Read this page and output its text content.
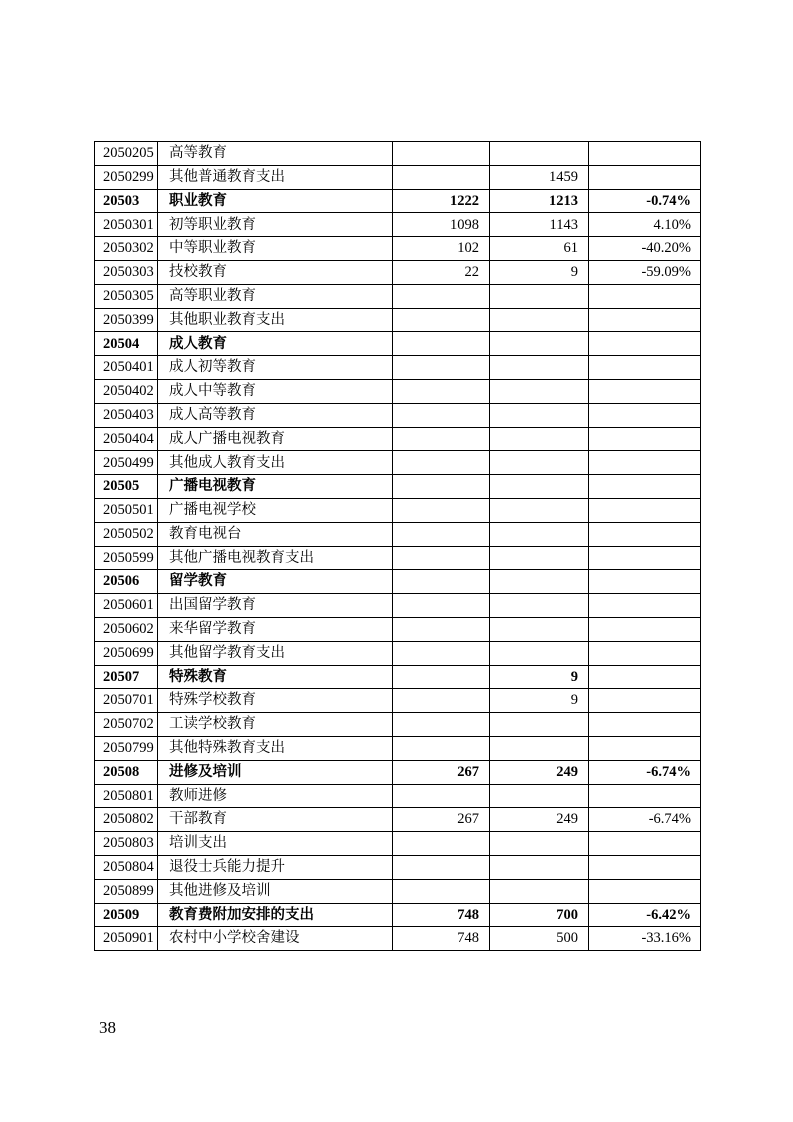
2050205	高等教育			
2050299	其他普通教育支出		1459	
20503	职业教育	1222	1213	-0.74%
2050301	初等职业教育	1098	1143	4.10%
2050302	中等职业教育	102	61	-40.20%
2050303	技校教育	22	9	-59.09%
2050305	高等职业教育			
2050399	其他职业教育支出			
20504	成人教育			
2050401	成人初等教育			
2050402	成人中等教育			
2050403	成人高等教育			
2050404	成人广播电视教育			
2050499	其他成人教育支出			
20505	广播电视教育			
2050501	广播电视学校			
2050502	教育电视台			
2050599	其他广播电视教育支出			
20506	留学教育			
2050601	出国留学教育			
2050602	来华留学教育			
2050699	其他留学教育支出			
20507	特殊教育		9	
2050701	特殊学校教育		9	
2050702	工读学校教育			
2050799	其他特殊教育支出			
20508	进修及培训	267	249	-6.74%
2050801	教师进修			
2050802	干部教育	267	249	-6.74%
2050803	培训支出			
2050804	退役士兵能力提升			
2050899	其他进修及培训			
20509	教育费附加安排的支出	748	700	-6.42%
2050901	农村中小学校舍建设	748	500	-33.16%
38
